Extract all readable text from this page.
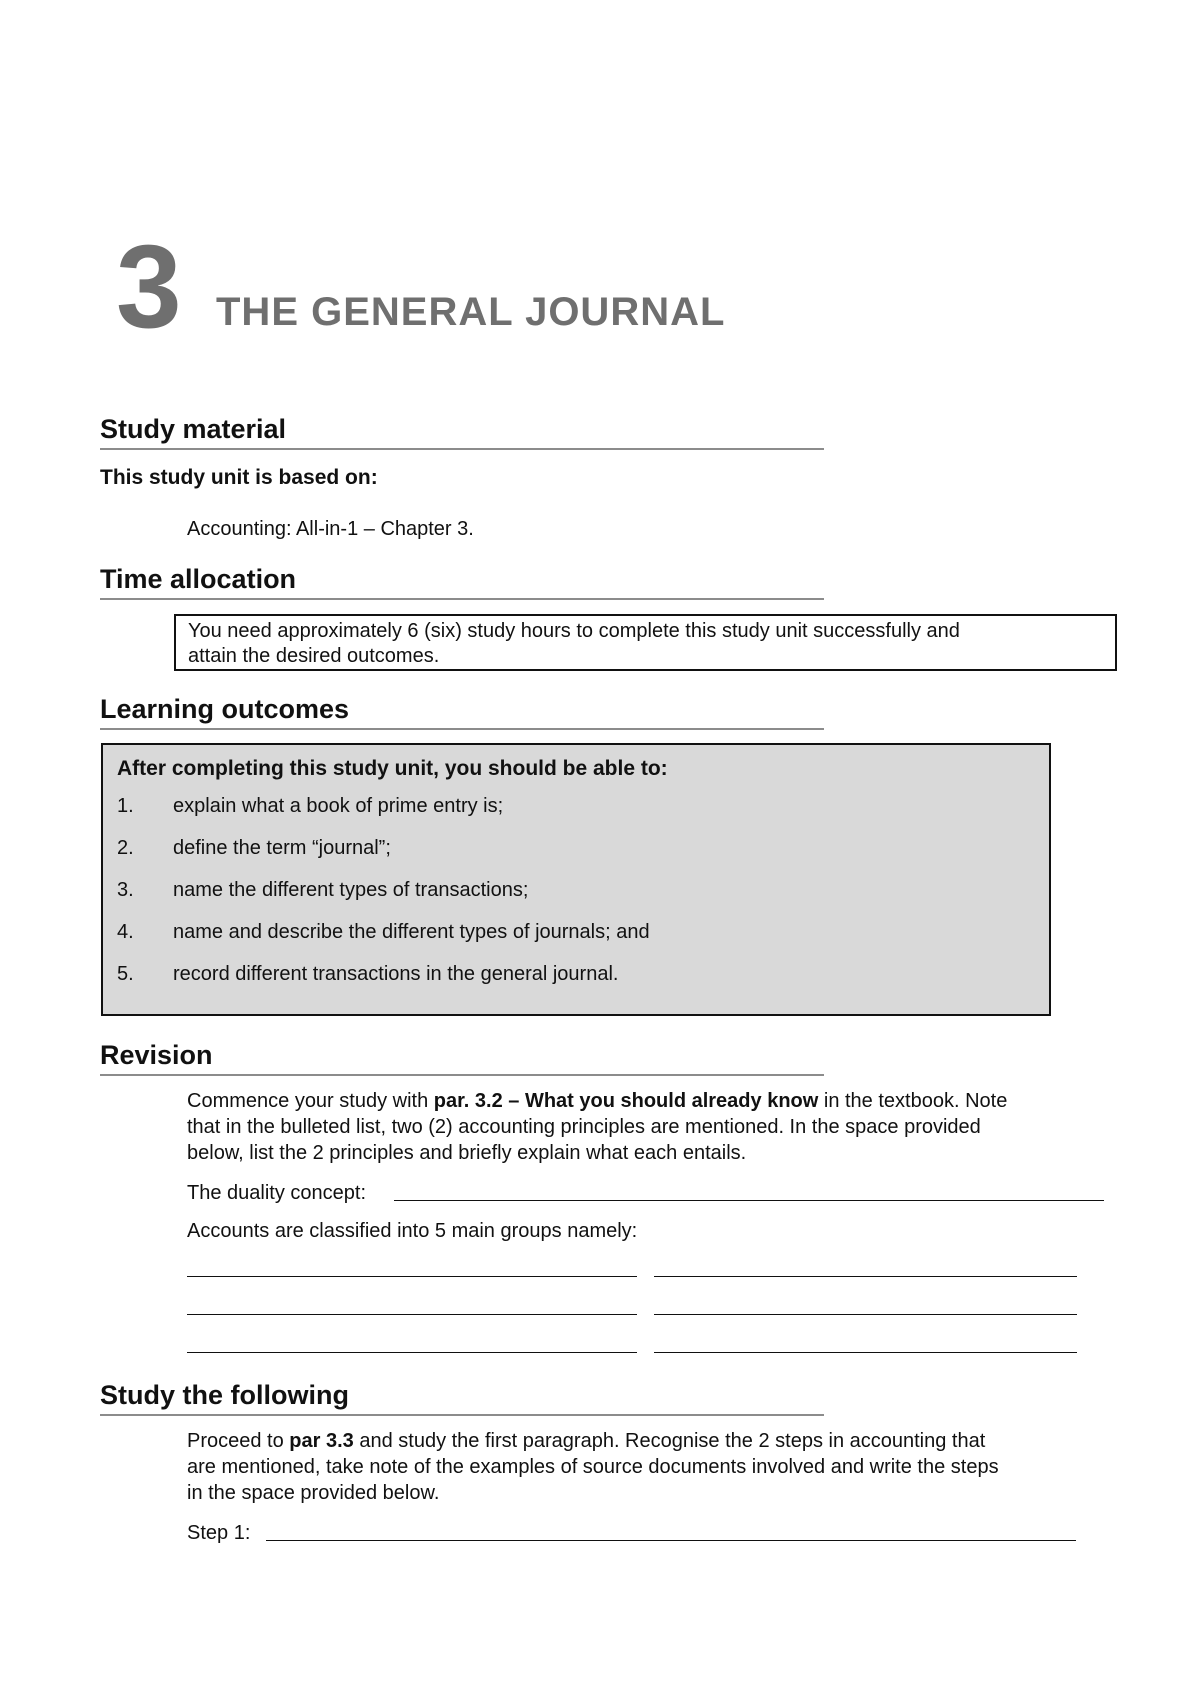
3 THE GENERAL JOURNAL
Study material
This study unit is based on:
Accounting: All-in-1 – Chapter 3.
Time allocation
You need approximately 6 (six) study hours to complete this study unit successfully and
attain the desired outcomes.
Learning outcomes
After completing this study unit, you should be able to:
1.	explain what a book of prime entry is;
2.	define the term “journal”;
3.	name the different types of transactions;
4.	name and describe the different types of journals; and
5.	record different transactions in the general journal.
Revision
Commence your study with par. 3.2 – What you should already know in the textbook. Note
that in the bulleted list, two (2) accounting principles are mentioned. In the space provided
below, list the 2 principles and briefly explain what each entails.
The duality concept:
Accounts are classified into 5 main groups namely:
Study the following
Proceed to par 3.3 and study the first paragraph. Recognise the 2 steps in accounting that
are mentioned, take note of the examples of source documents involved and write the steps
in the space provided below.
Step 1:
